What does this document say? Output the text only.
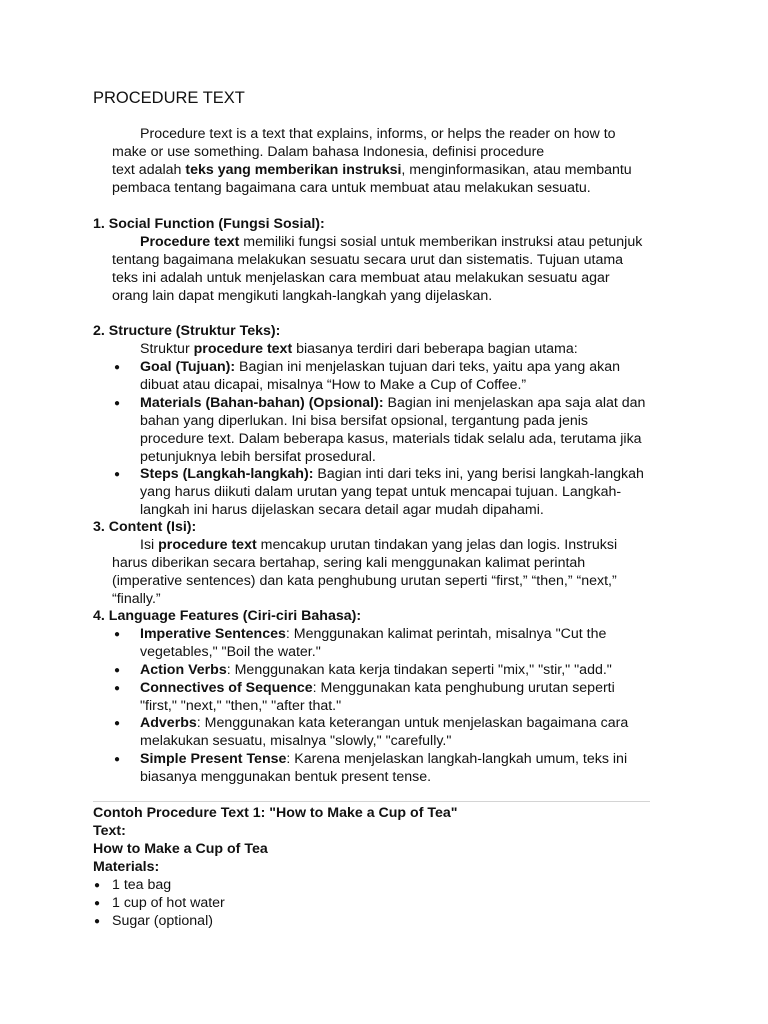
PROCEDURE TEXT
Procedure text is a text that explains, informs, or helps the reader on how to
make or use something. Dalam bahasa Indonesia, definisi procedure
text adalah teks yang memberikan instruksi, menginformasikan, atau membantu
pembaca tentang bagaimana cara untuk membuat atau melakukan sesuatu.
1. Social Function (Fungsi Sosial):
Procedure text memiliki fungsi sosial untuk memberikan instruksi atau petunjuk
tentang bagaimana melakukan sesuatu secara urut dan sistematis. Tujuan utama
teks ini adalah untuk menjelaskan cara membuat atau melakukan sesuatu agar
orang lain dapat mengikuti langkah-langkah yang dijelaskan.
2. Structure (Struktur Teks):
Struktur procedure text biasanya terdiri dari beberapa bagian utama:
● Goal (Tujuan): Bagian ini menjelaskan tujuan dari teks, yaitu apa yang akan
dibuat atau dicapai, misalnya “How to Make a Cup of Coffee.”
● Materials (Bahan-bahan) (Opsional): Bagian ini menjelaskan apa saja alat dan
bahan yang diperlukan. Ini bisa bersifat opsional, tergantung pada jenis
procedure text. Dalam beberapa kasus, materials tidak selalu ada, terutama jika
petunjuknya lebih bersifat prosedural.
● Steps (Langkah-langkah): Bagian inti dari teks ini, yang berisi langkah-langkah
yang harus diikuti dalam urutan yang tepat untuk mencapai tujuan. Langkah-
langkah ini harus dijelaskan secara detail agar mudah dipahami.
3. Content (Isi):
Isi procedure text mencakup urutan tindakan yang jelas dan logis. Instruksi
harus diberikan secara bertahap, sering kali menggunakan kalimat perintah
(imperative sentences) dan kata penghubung urutan seperti “first,” “then,” “next,”
“finally.”
4. Language Features (Ciri-ciri Bahasa):
● Imperative Sentences: Menggunakan kalimat perintah, misalnya "Cut the
vegetables," "Boil the water."
● Action Verbs: Menggunakan kata kerja tindakan seperti "mix," "stir," "add."
● Connectives of Sequence: Menggunakan kata penghubung urutan seperti
"first," "next," "then," "after that."
● Adverbs: Menggunakan kata keterangan untuk menjelaskan bagaimana cara
melakukan sesuatu, misalnya "slowly," "carefully."
● Simple Present Tense: Karena menjelaskan langkah-langkah umum, teks ini
biasanya menggunakan bentuk present tense.
Contoh Procedure Text 1: "How to Make a Cup of Tea"
Text:
How to Make a Cup of Tea
Materials:
● 1 tea bag
● 1 cup of hot water
● Sugar (optional)
